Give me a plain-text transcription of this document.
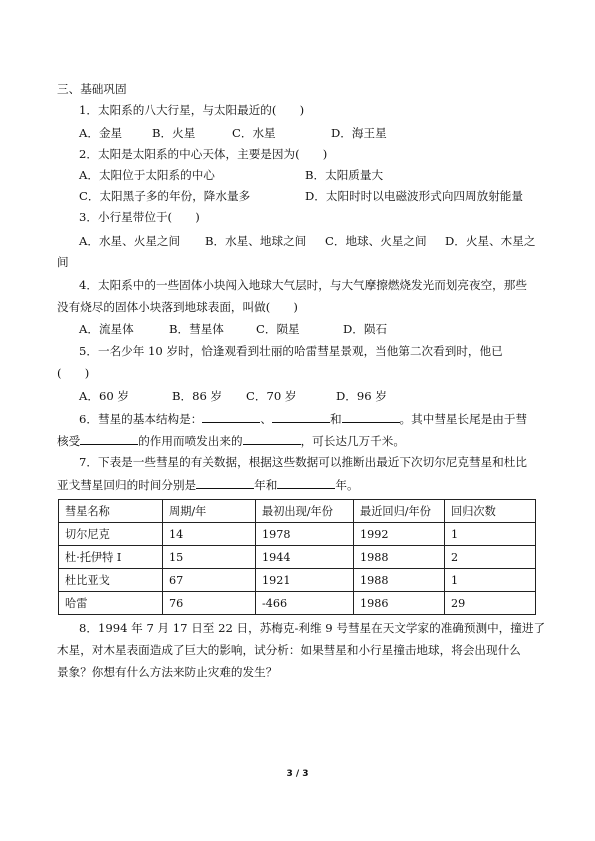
三、基础巩固
1．太阳系的八大行星，与太阳最近的(　　)
A．金星	B．火星	C．水星	D．海王星
2．太阳是太阳系的中心天体，主要是因为(　　)
A．太阳位于太阳系的中心	B．太阳质量大
C．太阳黑子多的年份，降水量多	D．太阳时时以电磁波形式向四周放射能量
3．小行星带位于(　　)
A．水星、火星之间 B．水星、地球之间 C．地球、火星之间 D．火星、木星之
间
4．太阳系中的一些固体小块闯入地球大气层时，与大气摩擦燃烧发光而划亮夜空，那些
没有烧尽的固体小块落到地球表面，叫做(　　)
A．流星体	B．彗星体	C．陨星	D．陨石
5．一名少年 10 岁时，恰逢观看到壮丽的哈雷彗星景观，当他第二次看到时，他已
(　　)
A．60 岁	B．86 岁 C．70 岁	D．96 岁
6．彗星的基本结构是：	、	和	。其中彗星长尾是由于彗
核受	的作用而喷发出来的	，可长达几万千米。
7．下表是一些彗星的有关数据，根据这些数据可以推断出最近下次切尔尼克彗星和杜比
亚戈彗星回归的时间分别是	年和	年。
彗星名称	周期/年	最初出现/年份	最近回归/年份	回归次数
切尔尼克	14	1978	1992	1
杜·托伊特 I	15	1944	1988	2
杜比亚戈	67	1921	1988	1
哈雷	76	-466	1986	29
8．1994 年 7 月 17 日至 22 日，苏梅克-利维 9 号彗星在天文学家的准确预测中，撞进了
木星，对木星表面造成了巨大的影响，试分析：如果彗星和小行星撞击地球，将会出现什么
景象？你想有什么方法来防止灾难的发生？
3 / 3
